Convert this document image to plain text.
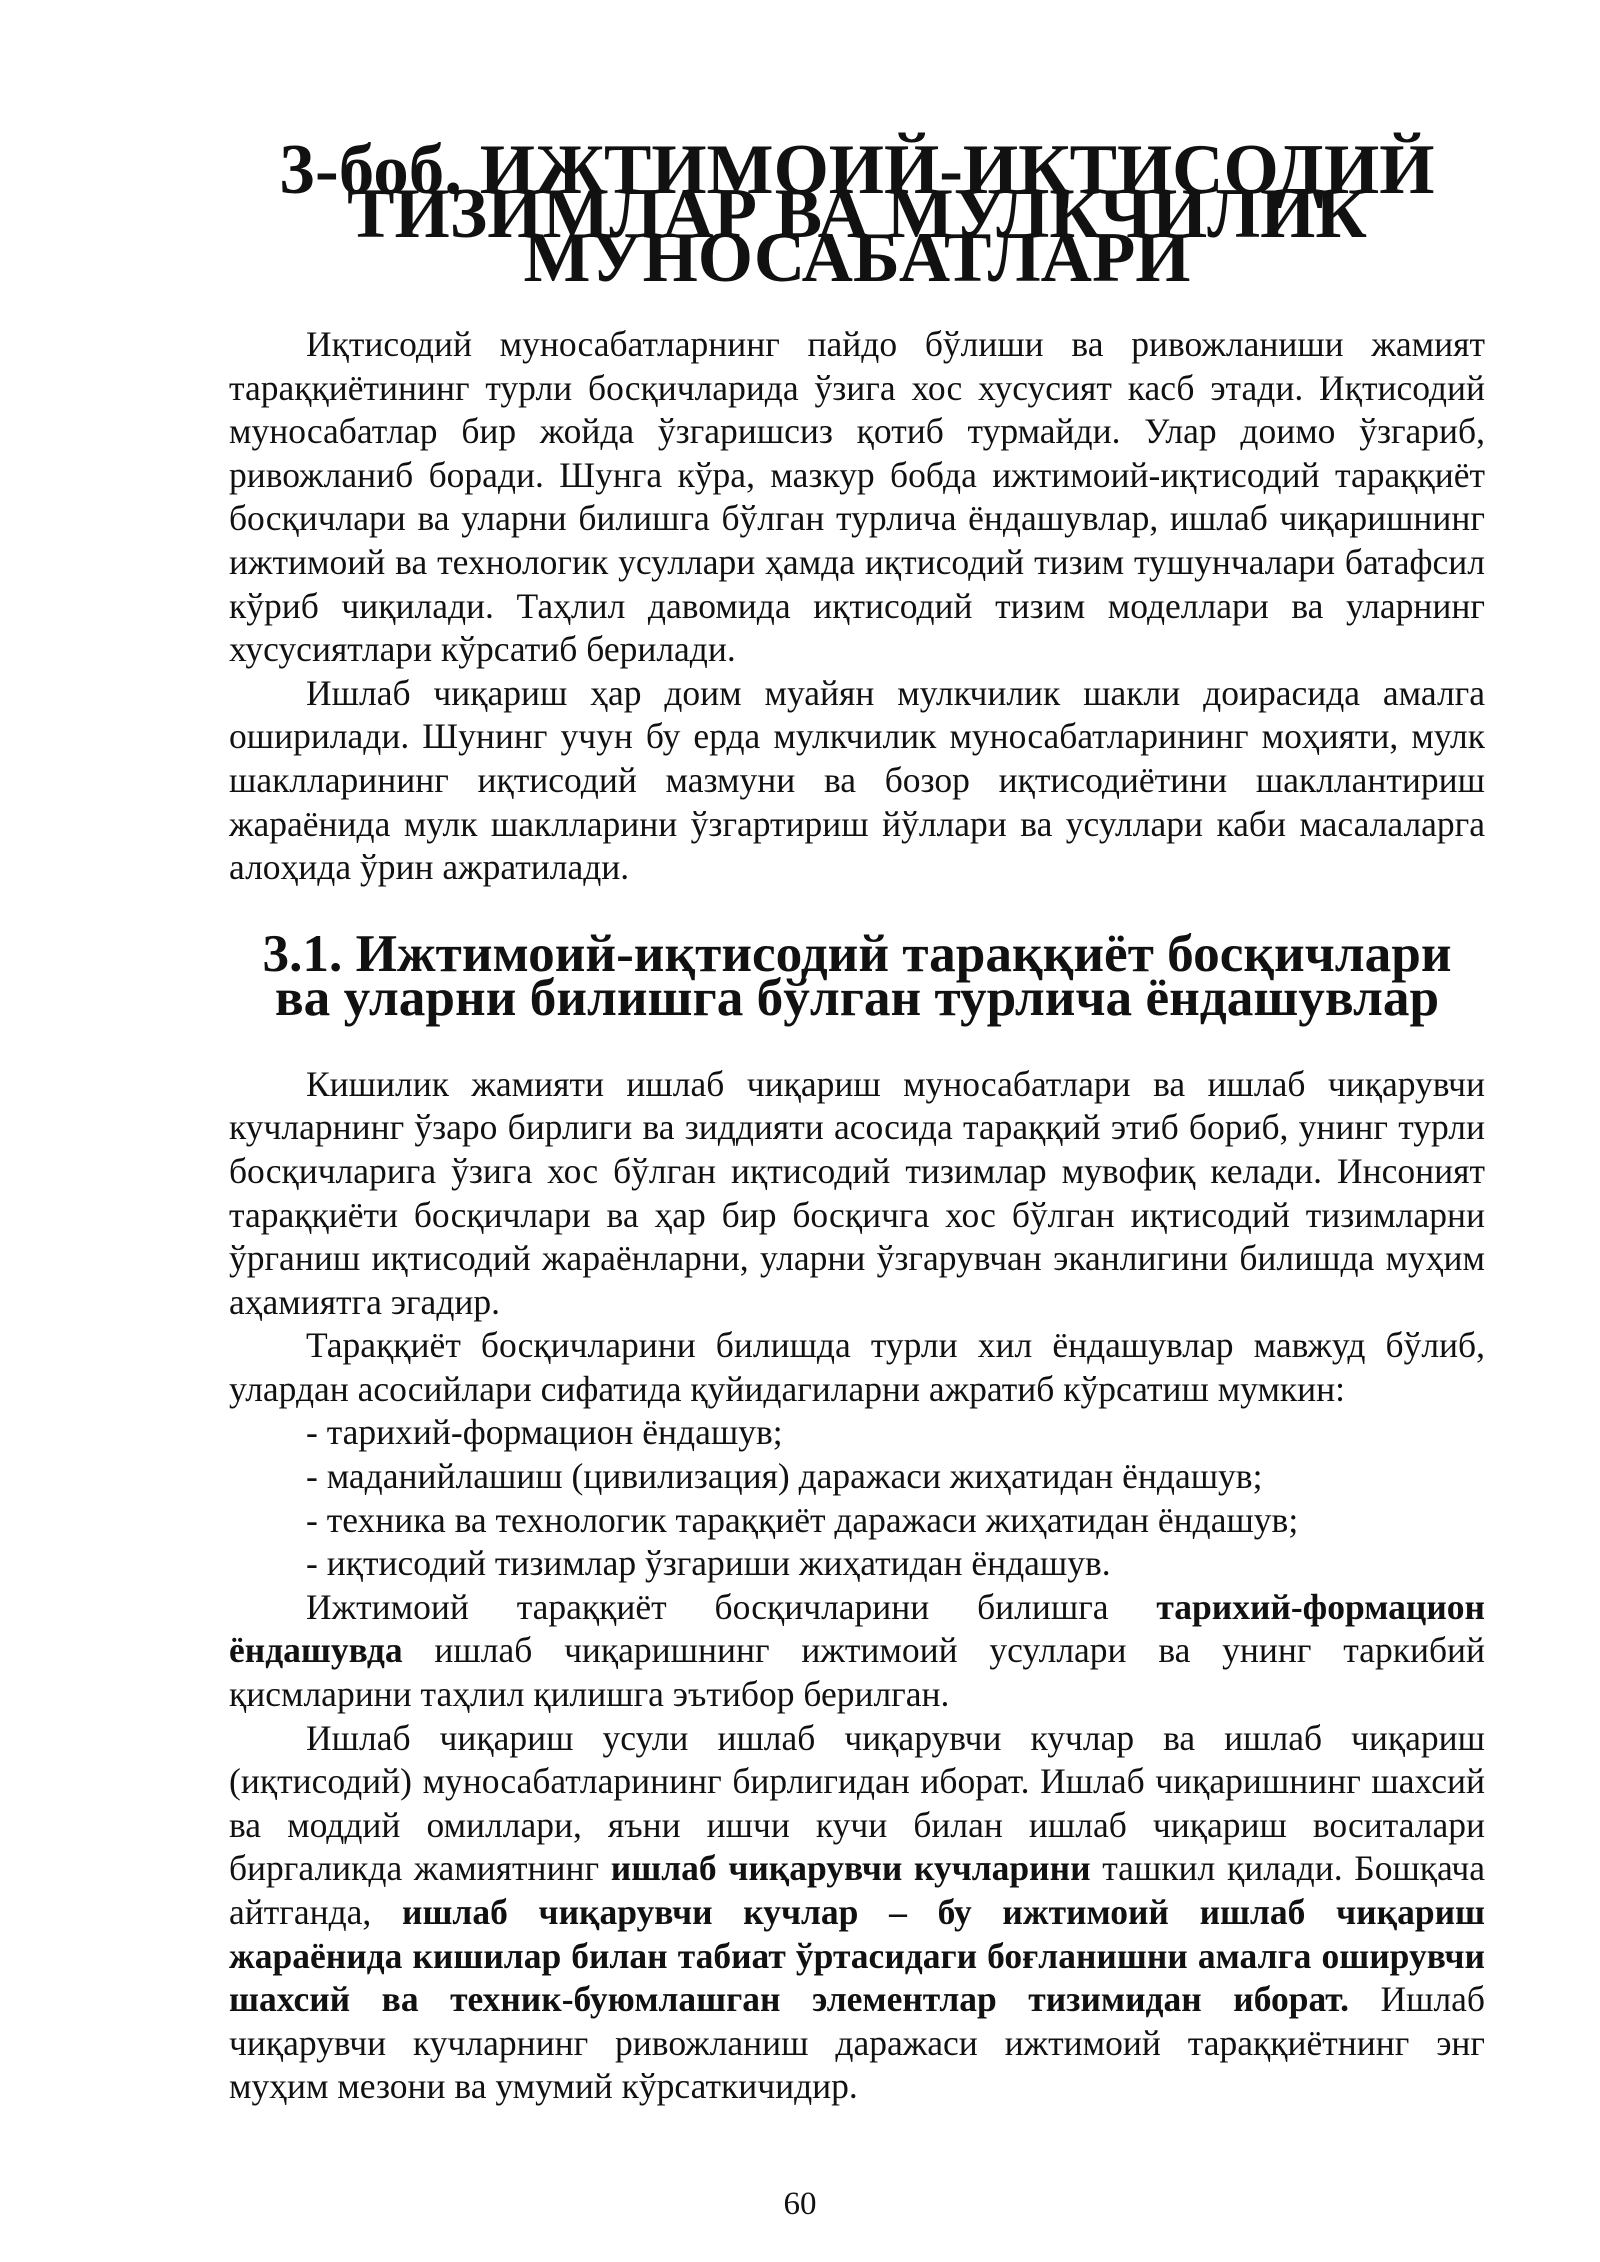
3-боб. ИЖТИМОИЙ-ИҚТИСОДИЙ ТИЗИМЛАР ВА МУЛКЧИЛИК МУНОСАБАТЛАРИ

Иқтисодий муносабатларнинг пайдо бўлиши ва ривожланиши жамият тараққиётининг турли босқичларида ўзига хос хусусият касб этади. Иқтисодий муносабатлар бир жойда ўзгаришсиз қотиб турмайди. Улар доимо ўзгариб, ривожланиб боради. Шунга кўра, мазкур бобда ижтимоий-иқтисодий тараққиёт босқичлари ва уларни билишга бўлган турлича ёндашувлар, ишлаб чиқаришнинг ижтимоий ва технологик усуллари ҳамда иқтисодий тизим тушунчалари батафсил кўриб чиқилади. Таҳлил давомида иқтисодий тизим моделлари ва уларнинг хусусиятлари кўрсатиб берилади.

Ишлаб чиқариш ҳар доим муайян мулкчилик шакли доирасида амалга оширилади. Шунинг учун бу ерда мулкчилик муносабатларининг моҳияти, мулк шаклларининг иқтисодий мазмуни ва бозор иқтисодиётини шакллантириш жараёнида мулк шаклларини ўзгартириш йўллари ва усуллари каби масалаларга алоҳида ўрин ажратилади.

3.1. Ижтимоий-иқтисодий тараққиёт босқичлари ва уларни билишга бўлган турлича ёндашувлар

Кишилик жамияти ишлаб чиқариш муносабатлари ва ишлаб чиқарувчи кучларнинг ўзаро бирлиги ва зиддияти асосида тараққий этиб бориб, унинг турли босқичларига ўзига хос бўлган иқтисодий тизимлар мувофиқ келади. Инсоният тараққиёти босқичлари ва ҳар бир босқичга хос бўлган иқтисодий тизимларни ўрганиш иқтисодий жараёнларни, уларни ўзгарувчан эканлигини билишда муҳим аҳамиятга эгадир.

Тараққиёт босқичларини билишда турли хил ёндашувлар мавжуд бўлиб, улардан асосийлари сифатида қуйидагиларни ажратиб кўрсатиш мумкин:

- тарихий-формацион ёндашув;
- маданийлашиш (цивилизация) даражаси жиҳатидан ёндашув;
- техника ва технологик тараққиёт даражаси жиҳатидан ёндашув;
- иқтисодий тизимлар ўзгариши жиҳатидан ёндашув.

Ижтимоий тараққиёт босқичларини билишга тарихий-формацион ёндашувда ишлаб чиқаришнинг ижтимоий усуллари ва унинг таркибий қисмларини таҳлил қилишга эътибор берилган.

Ишлаб чиқариш усули ишлаб чиқарувчи кучлар ва ишлаб чиқариш (иқтисодий) муносабатларининг бирлигидан иборат. Ишлаб чиқаришнинг шахсий ва моддий омиллари, яъни ишчи кучи билан ишлаб чиқариш воситалари биргаликда жамиятнинг ишлаб чиқарувчи кучларини ташкил қилади. Бошқача айтганда, ишлаб чиқарувчи кучлар – бу ижтимоий ишлаб чиқариш жараёнида кишилар билан табиат ўртасидаги боғланишни амалга оширувчи шахсий ва техник-буюмлашган элементлар тизимидан иборат. Ишлаб чиқарувчи кучларнинг ривожланиш даражаси ижтимоий тараққиётнинг энг муҳим мезони ва умумий кўрсаткичидир.

60
